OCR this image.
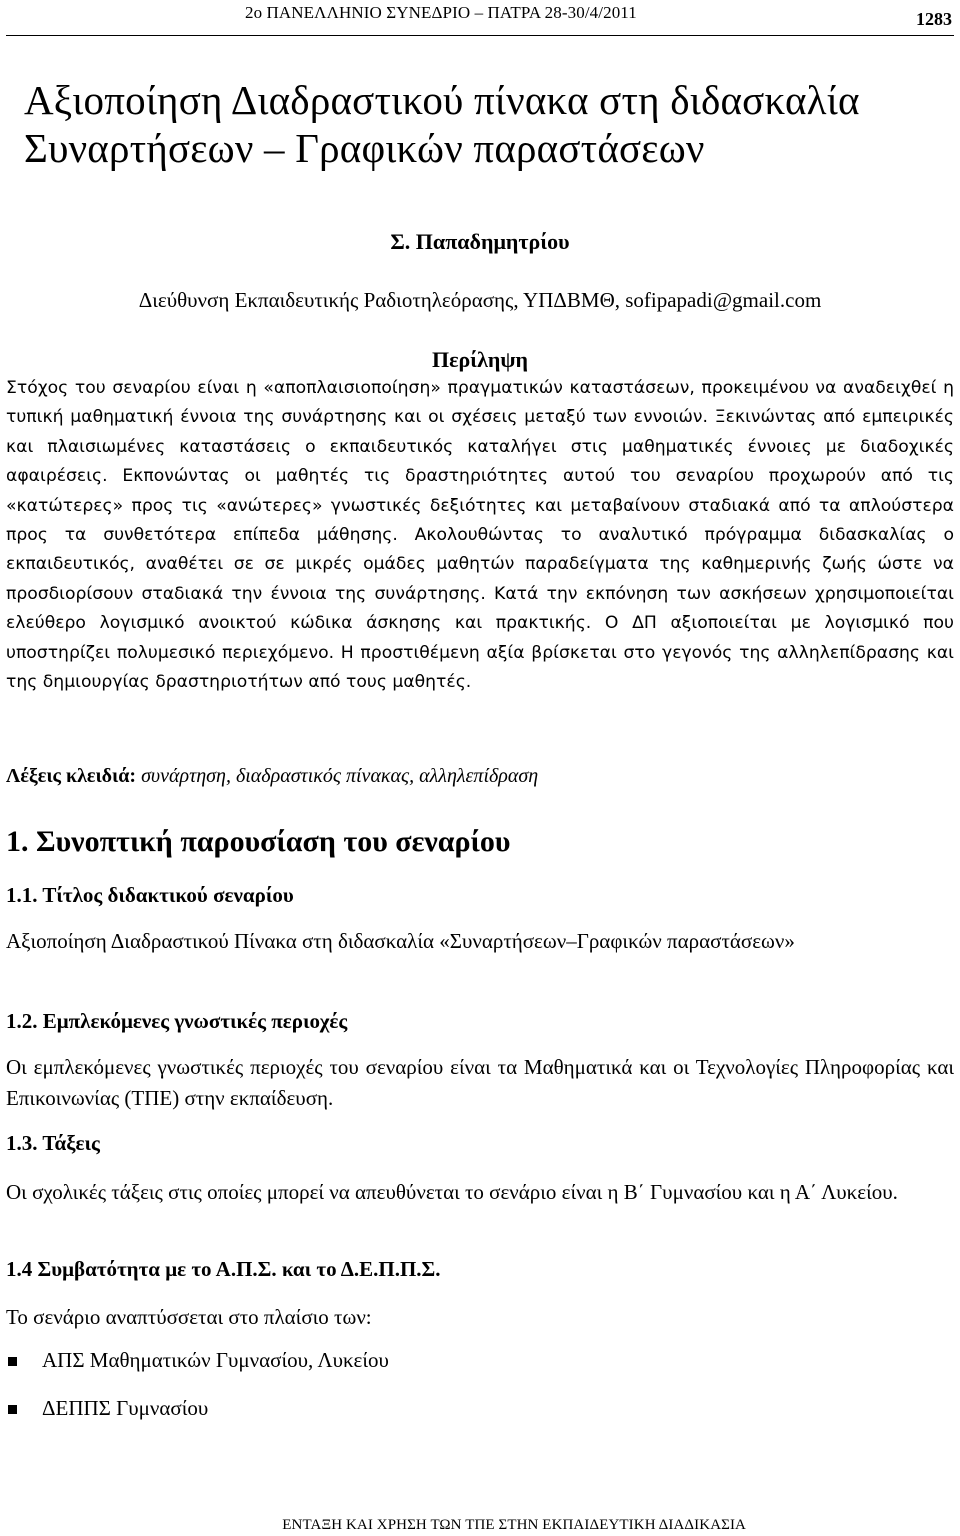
2ο ΠΑΝΕΛΛΗΝΙΟ ΣΥΝΕΔΡΙΟ – ΠΑΤΡΑ 28-30/4/2011	1283
Αξιοποίηση Διαδραστικού πίνακα στη διδασκαλία
Συναρτήσεων – Γραφικών παραστάσεων
Σ. Παπαδημητρίου
Διεύθυνση Εκπαιδευτικής Ραδιοτηλεόρασης, ΥΠΔΒΜΘ, sofipapadi@gmail.com
Περίληψη

Στόχος του σεναρίου είναι η «αποπλαισιοποίηση» πραγματικών καταστάσεων, προκειμένου να αναδειχθεί η τυπική μαθηματική έννοια της συνάρτησης και οι σχέσεις μεταξύ των εννοιών. Ξεκινώντας από εμπειρικές και πλαισιωμένες καταστάσεις ο εκπαιδευτικός καταλήγει στις μαθηματικές έννοιες με διαδοχικές αφαιρέσεις. Εκπονώντας οι μαθητές τις δραστηριότητες αυτού του σεναρίου προχωρούν από τις «κατώτερες» προς τις «ανώτερες» γνωστικές δεξιότητες και μεταβαίνουν σταδιακά από τα απλούστερα προς τα συνθετότερα επίπεδα μάθησης. Ακολουθώντας το αναλυτικό πρόγραμμα διδασκαλίας ο εκπαιδευτικός, αναθέτει σε σε μικρές ομάδες μαθητών παραδείγματα της καθημερινής ζωής ώστε να προσδιορίσουν σταδιακά την έννοια της συνάρτησης. Κατά την εκπόνηση των ασκήσεων χρησιμοποιείται ελεύθερο λογισμικό ανοικτού κώδικα άσκησης και πρακτικής. Ο ΔΠ αξιοποιείται με λογισμικό που υποστηρίζει πολυμεσικό περιεχόμενο. Η προστιθέμενη αξία βρίσκεται στο γεγονός της αλληλεπίδρασης και της δημιουργίας δραστηριοτήτων από τους μαθητές.

Λέξεις κλειδιά: συνάρτηση, διαδραστικός πίνακας, αλληλεπίδραση
1. Συνοπτική παρουσίαση του σεναρίου
1.1. Τίτλος διδακτικού σεναρίου
Αξιοποίηση Διαδραστικού Πίνακα στη διδασκαλία «Συναρτήσεων–Γραφικών παραστάσεων»
1.2. Εμπλεκόμενες γνωστικές περιοχές
Οι εμπλεκόμενες γνωστικές περιοχές του σεναρίου είναι τα Μαθηματικά και οι Τεχνολογίες Πληροφορίας και Επικοινωνίας (ΤΠΕ) στην εκπαίδευση.
1.3. Τάξεις
Οι σχολικές τάξεις στις οποίες μπορεί να απευθύνεται το σενάριο είναι η Β΄ Γυμνασίου και η Α΄ Λυκείου.
1.4 Συμβατότητα με το Α.Π.Σ. και το Δ.Ε.Π.Π.Σ.
Το σενάριο αναπτύσσεται στο πλαίσιο των:
ΑΠΣ Μαθηματικών Γυμνασίου, Λυκείου
ΔΕΠΠΣ Γυμνασίου
ΕΝΤΑΞΗ ΚΑΙ ΧΡΗΣΗ ΤΩΝ ΤΠΕ ΣΤΗΝ ΕΚΠΑΙΔΕΥΤΙΚΗ ΔΙΑΔΙΚΑΣΙΑ
